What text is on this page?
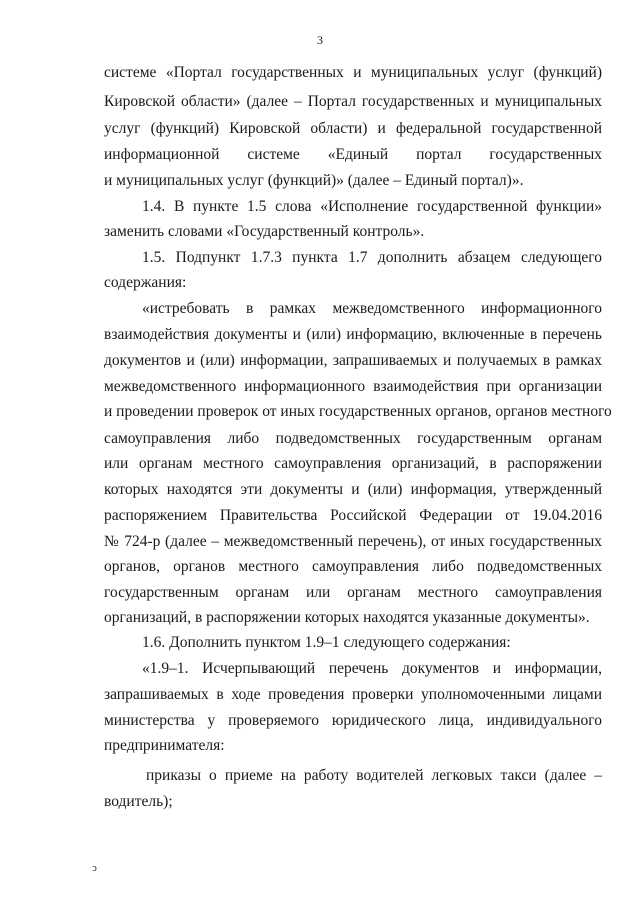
3
системе «Портал государственных и муниципальных услуг (функций)
Кировской области» (далее – Портал государственных и муниципальных
услуг (функций) Кировской области) и федеральной государственной
информационной системе «Единый портал государственных
и муниципальных услуг (функций)» (далее – Единый портал)».
1.4. В пункте 1.5 слова «Исполнение государственной функции»
заменить словами «Государственный контроль».
1.5. Подпункт 1.7.3 пункта 1.7 дополнить абзацем следующего
содержания:
«истребовать в рамках межведомственного информационного
взаимодействия документы и (или) информацию, включенные в перечень
документов и (или) информации, запрашиваемых и получаемых в рамках
межведомственного информационного взаимодействия при организации
и проведении проверок от иных государственных органов, органов местного
самоуправления либо подведомственных государственным органам
или органам местного самоуправления организаций, в распоряжении
которых находятся эти документы и (или) информация, утвержденный
распоряжением Правительства Российской Федерации от 19.04.2016
№ 724-р (далее – межведомственный перечень), от иных государственных
органов, органов местного самоуправления либо подведомственных
государственным органам или органам местного самоуправления
организаций, в распоряжении которых находятся указанные документы».
1.6. Дополнить пунктом 1.9–1 следующего содержания:
«1.9–1. Исчерпывающий перечень документов и информации,
запрашиваемых в ходе проведения проверки уполномоченными лицами
министерства у проверяемого юридического лица, индивидуального
предпринимателя:
приказы о приеме на работу водителей легковых такси (далее –
водитель);
ↄ
